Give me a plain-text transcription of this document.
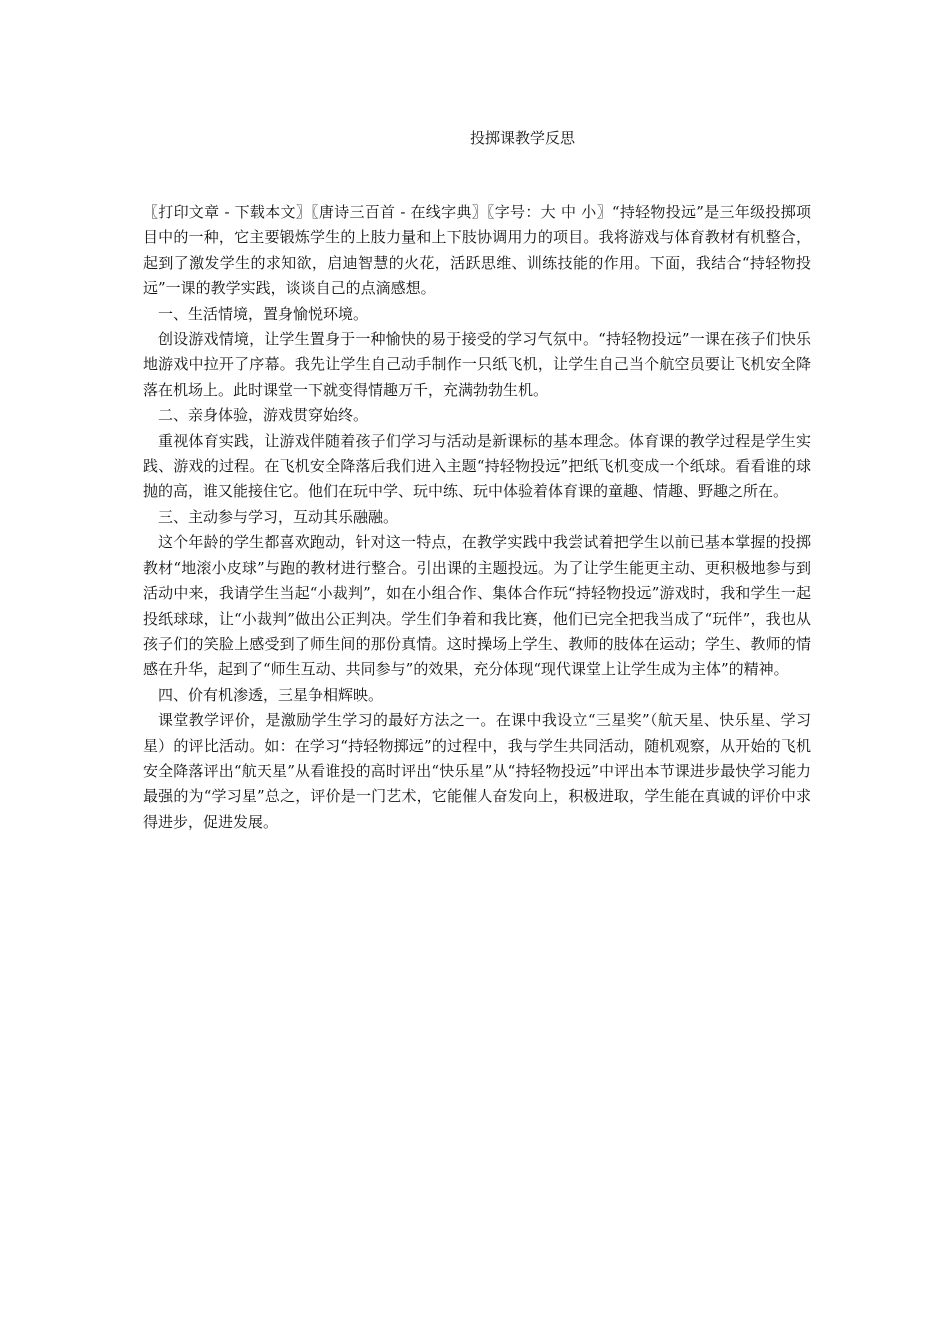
投掷课教学反思

〖打印文章 - 下载本文〗〖唐诗三百首 - 在线字典〗〖字号：大 中 小〗“持轻物投远”是三年级投掷项目中的一种，它主要锻炼学生的上肢力量和上下肢协调用力的项目。我将游戏与体育教材有机整合，起到了激发学生的求知欲，启迪智慧的火花，活跃思维、训练技能的作用。下面，我结合“持轻物投远”一课的教学实践，谈谈自己的点滴感想。

一、生活情境，置身愉悦环境。

创设游戏情境，让学生置身于一种愉快的易于接受的学习气氛中。“持轻物投远”一课在孩子们快乐地游戏中拉开了序幕。我先让学生自己动手制作一只纸飞机，让学生自己当个航空员要让飞机安全降落在机场上。此时课堂一下就变得情趣万千，充满勃勃生机。

二、亲身体验，游戏贯穿始终。

重视体育实践，让游戏伴随着孩子们学习与活动是新课标的基本理念。体育课的教学过程是学生实践、游戏的过程。在飞机安全降落后我们进入主题“持轻物投远”把纸飞机变成一个纸球。看看谁的球抛的高，谁又能接住它。他们在玩中学、玩中练、玩中体验着体育课的童趣、情趣、野趣之所在。

三、主动参与学习，互动其乐融融。

这个年龄的学生都喜欢跑动，针对这一特点，在教学实践中我尝试着把学生以前已基本掌握的投掷教材“地滚小皮球”与跑的教材进行整合。引出课的主题投远。为了让学生能更主动、更积极地参与到活动中来，我请学生当起“小裁判”，如在小组合作、集体合作玩“持轻物投远”游戏时，我和学生一起投纸球球，让“小裁判”做出公正判决。学生们争着和我比赛，他们已完全把我当成了“玩伴”，我也从孩子们的笑脸上感受到了师生间的那份真情。这时操场上学生、教师的肢体在运动；学生、教师的情感在升华，起到了“师生互动、共同参与”的效果，充分体现“现代课堂上让学生成为主体”的精神。

四、价有机渗透，三星争相辉映。

课堂教学评价，是激励学生学习的最好方法之一。在课中我设立“三星奖”（航天星、快乐星、学习星）的评比活动。如：在学习“持轻物掷远”的过程中，我与学生共同活动，随机观察，从开始的飞机安全降落评出“航天星”从看谁投的高时评出“快乐星”从“持轻物投远”中评出本节课进步最快学习能力最强的为“学习星”总之，评价是一门艺术，它能催人奋发向上，积极进取，学生能在真诚的评价中求得进步，促进发展。
